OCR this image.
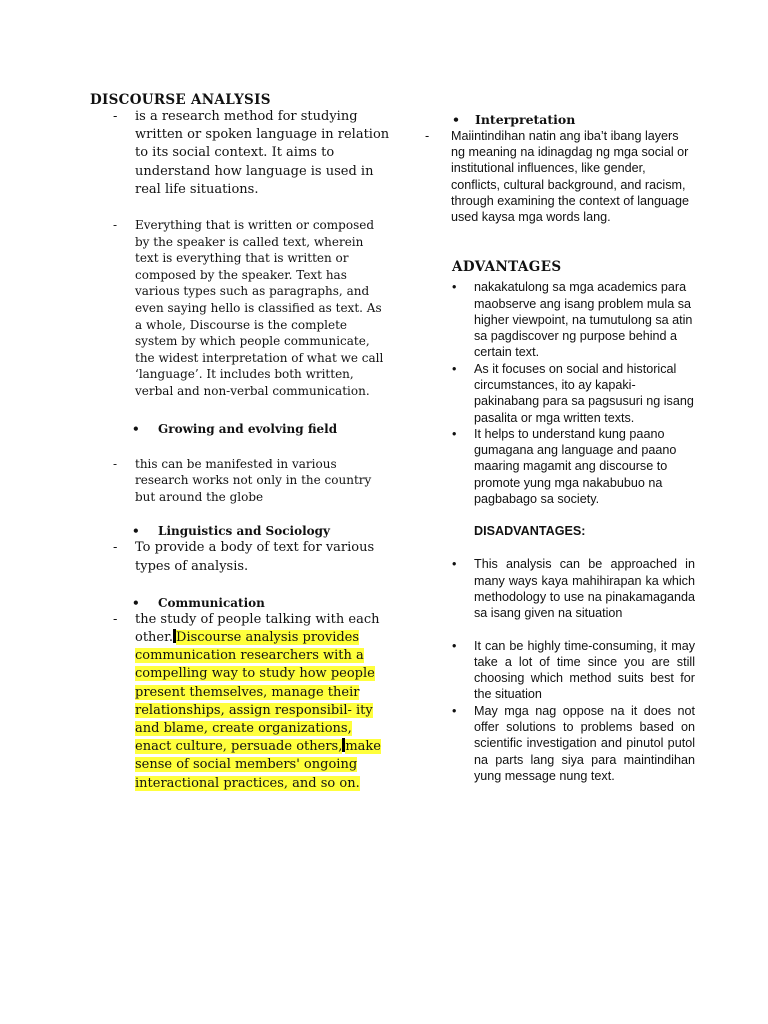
DISCOURSE ANALYSIS
- is a research method for studying written or spoken language in relation to its social context. It aims to understand how language is used in real life situations.
- Everything that is written or composed by the speaker is called text, wherein text is everything that is written or composed by the speaker. Text has various types such as paragraphs, and even saying hello is classified as text. As a whole, Discourse is the complete system by which people communicate, the widest interpretation of what we call ‘language’. It includes both written, verbal and non-verbal communication.
• Growing and evolving field
- this can be manifested in various research works not only in the country but around the globe
• Linguistics and Sociology
- To provide a body of text for various types of analysis.
• Communication
- the study of people talking with each other. Discourse analysis provides communication researchers with a compelling way to study how people present themselves, manage their relationships, assign responsibil- ity and blame, create organizations, enact culture, persuade others, make sense of social members' ongoing interactional practices, and so on.
• Interpretation
- Maiintindihan natin ang iba’t ibang layers ng meaning na idinagdag ng mga social or institutional influences, like gender, conflicts, cultural background, and racism, through examining the context of language used kaysa mga words lang.
ADVANTAGES
• nakakatulong sa mga academics para maobserve ang isang problem mula sa higher viewpoint, na tumutulong sa atin sa pagdiscover ng purpose behind a certain text.
• As it focuses on social and historical circumstances, ito ay kapaki-pakinabang para sa pagsusuri ng isang pasalita or mga written texts.
• It helps to understand kung paano gumagana ang language and paano maaring magamit ang discourse to promote yung mga nakabubuo na pagbabago sa society.
DISADVANTAGES:
• This analysis can be approached in many ways kaya mahihirapan ka which methodology to use na pinakamaganda sa isang given na situation
• It can be highly time-consuming, it may take a lot of time since you are still choosing which method suits best for the situation
• May mga nag oppose na it does not offer solutions to problems based on scientific investigation and pinutol putol na parts lang siya para maintindihan yung message nung text.
